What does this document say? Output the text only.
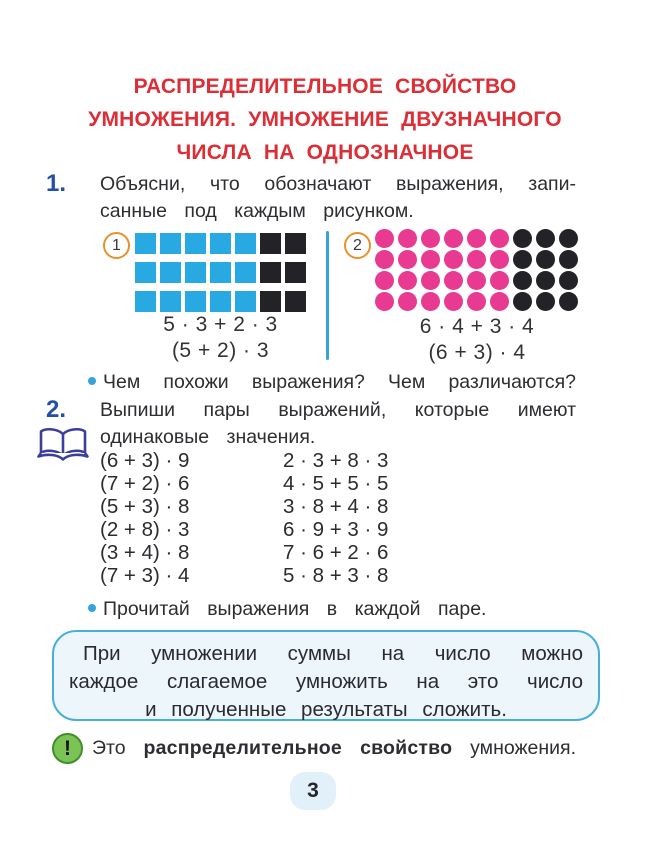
РАСПРЕДЕЛИТЕЛЬНОЕ СВОЙСТВО
УМНОЖЕНИЯ. УМНОЖЕНИЕ ДВУЗНАЧНОГО
ЧИСЛА НА ОДНОЗНАЧНОЕ
1. Объясни, что обозначают выражения, запи-
санные под каждым рисунком.
1
5 · 3 + 2 · 3
(5 + 2) · 3
2
6 · 4 + 3 · 4
(6 + 3) · 4
Чем похожи выражения? Чем различаются?
2. Выпиши пары выражений, которые имеют
одинаковые значения.
(6 + 3) · 9	2 · 3 + 8 · 3
(7 + 2) · 6	4 · 5 + 5 · 5
(5 + 3) · 8	3 · 8 + 4 · 8
(2 + 8) · 3	6 · 9 + 3 · 9
(3 + 4) · 8	7 · 6 + 2 · 6
(7 + 3) · 4	5 · 8 + 3 · 8
Прочитай выражения в каждой паре.
При умножении суммы на число можно
каждое слагаемое умножить на это число
и полученные результаты сложить.
!	Это распределительное свойство умножения.
3
